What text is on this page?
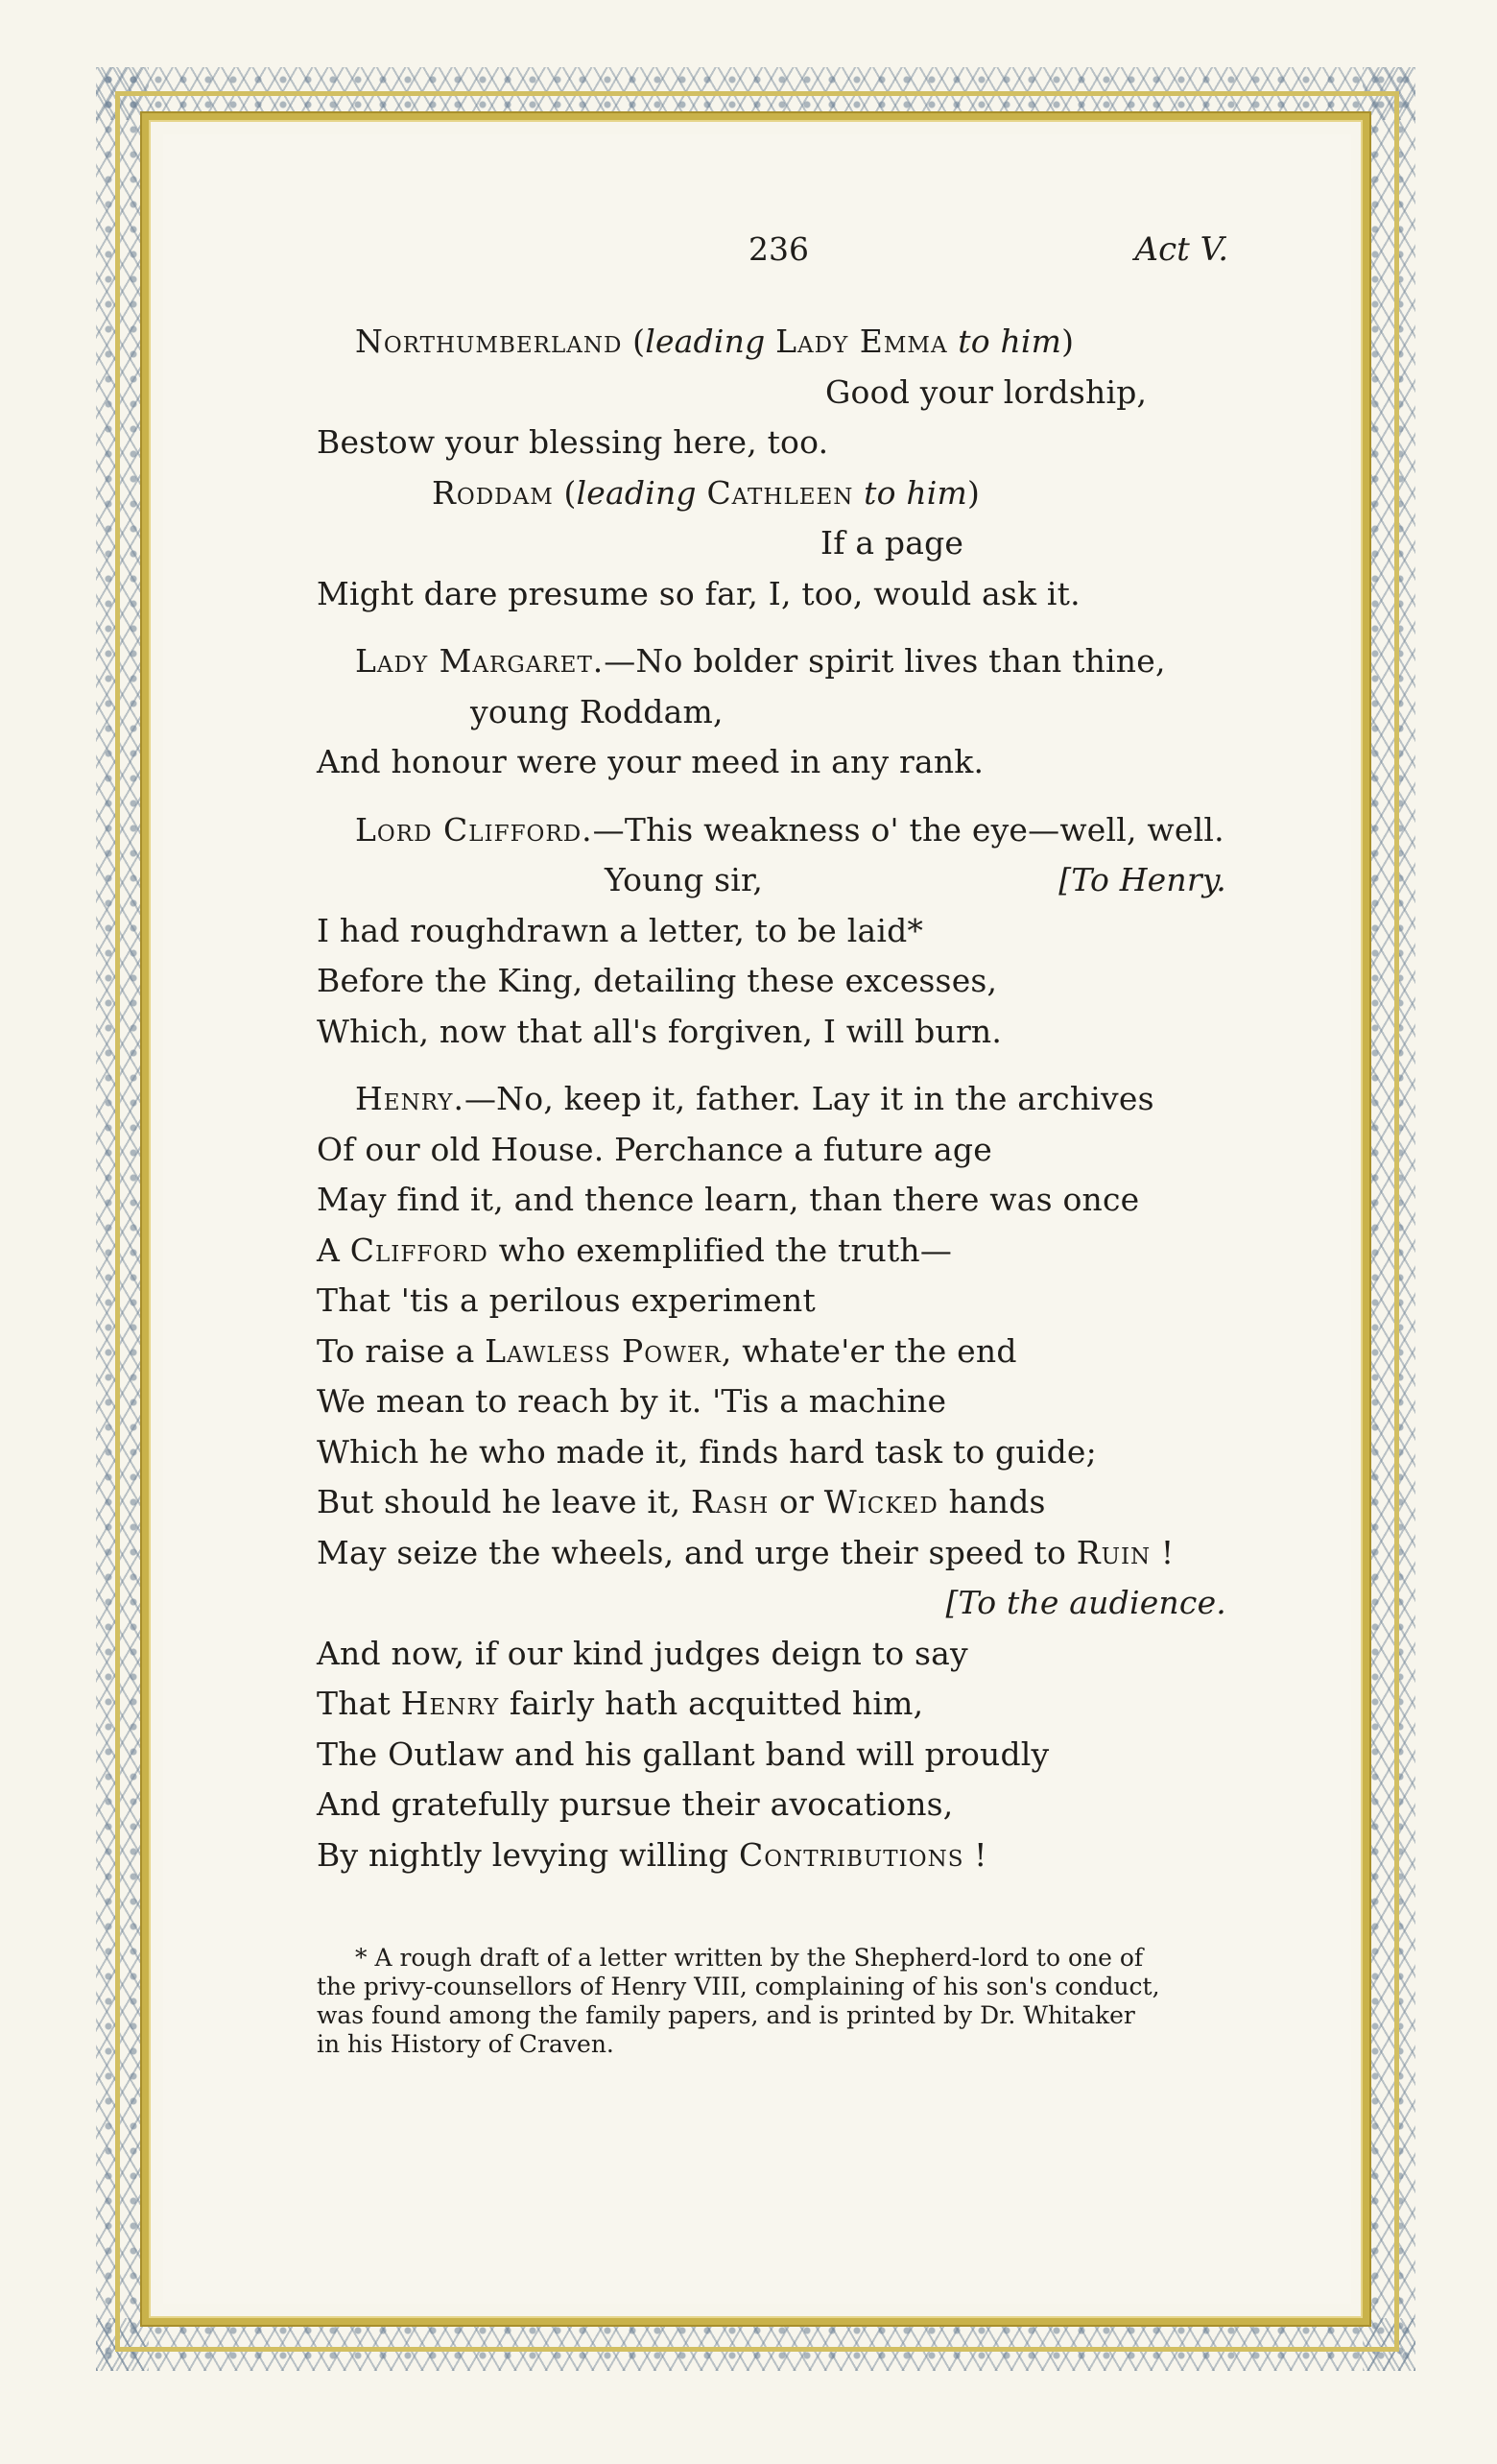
236	Act V.
Northumberland (leading Lady Emma to him)
Good your lordship,
Bestow your blessing here, too.
Roddam (leading Cathleen to him)
If a page
Might dare presume so far, I, too, would ask it.
Lady Margaret.—No bolder spirit lives than thine,
young Roddam,
And honour were your meed in any rank.
Lord Clifford.—This weakness o' the eye—well, well.
Young sir,	[To Henry.
I had roughdrawn a letter, to be laid*
Before the King, detailing these excesses,
Which, now that all's forgiven, I will burn.
Henry.—No, keep it, father. Lay it in the archives
Of our old House. Perchance a future age
May find it, and thence learn, than there was once
A Clifford who exemplified the truth—
That 'tis a perilous experiment
To raise a Lawless Power, whate'er the end
We mean to reach by it. 'Tis a machine
Which he who made it, finds hard task to guide;
But should he leave it, Rash or Wicked hands
May seize the wheels, and urge their speed to Ruin !
[To the audience.
And now, if our kind judges deign to say
That Henry fairly hath acquitted him,
The Outlaw and his gallant band will proudly
And gratefully pursue their avocations,
By nightly levying willing Contributions !
* A rough draft of a letter written by the Shepherd-lord to one of
the privy-counsellors of Henry VIII, complaining of his son's conduct,
was found among the family papers, and is printed by Dr. Whitaker
in his History of Craven.
